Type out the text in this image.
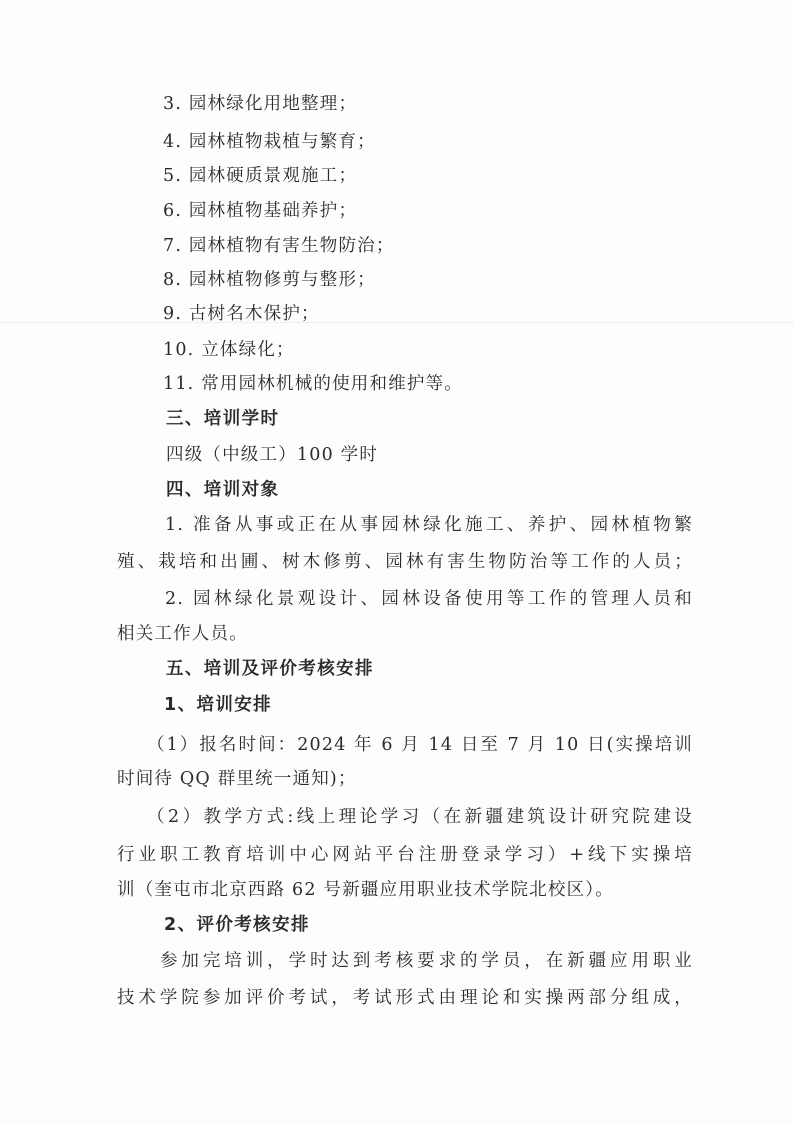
3. 园林绿化用地整理；
4. 园林植物栽植与繁育；
5. 园林硬质景观施工；
6. 园林植物基础养护；
7. 园林植物有害生物防治；
8. 园林植物修剪与整形；
9. 古树名木保护；
10. 立体绿化；
11. 常用园林机械的使用和维护等。
三、培训学时
四级（中级工）100 学时
四、培训对象
1. 准备从事或正在从事园林绿化施工、养护、园林植物繁
殖、栽培和出圃、树木修剪、园林有害生物防治等工作的人员；
2. 园林绿化景观设计、园林设备使用等工作的管理人员和
相关工作人员。
五、培训及评价考核安排
1、培训安排
（1）报名时间：2024 年 6 月 14 日至 7 月 10 日(实操培训
时间待 QQ 群里统一通知)；
（2）教学方式:线上理论学习（在新疆建筑设计研究院建设
行业职工教育培训中心网站平台注册登录学习）+线下实操培
训（奎屯市北京西路 62 号新疆应用职业技术学院北校区）。
2、评价考核安排
参加完培训，学时达到考核要求的学员，在新疆应用职业
技术学院参加评价考试，考试形式由理论和实操两部分组成，
